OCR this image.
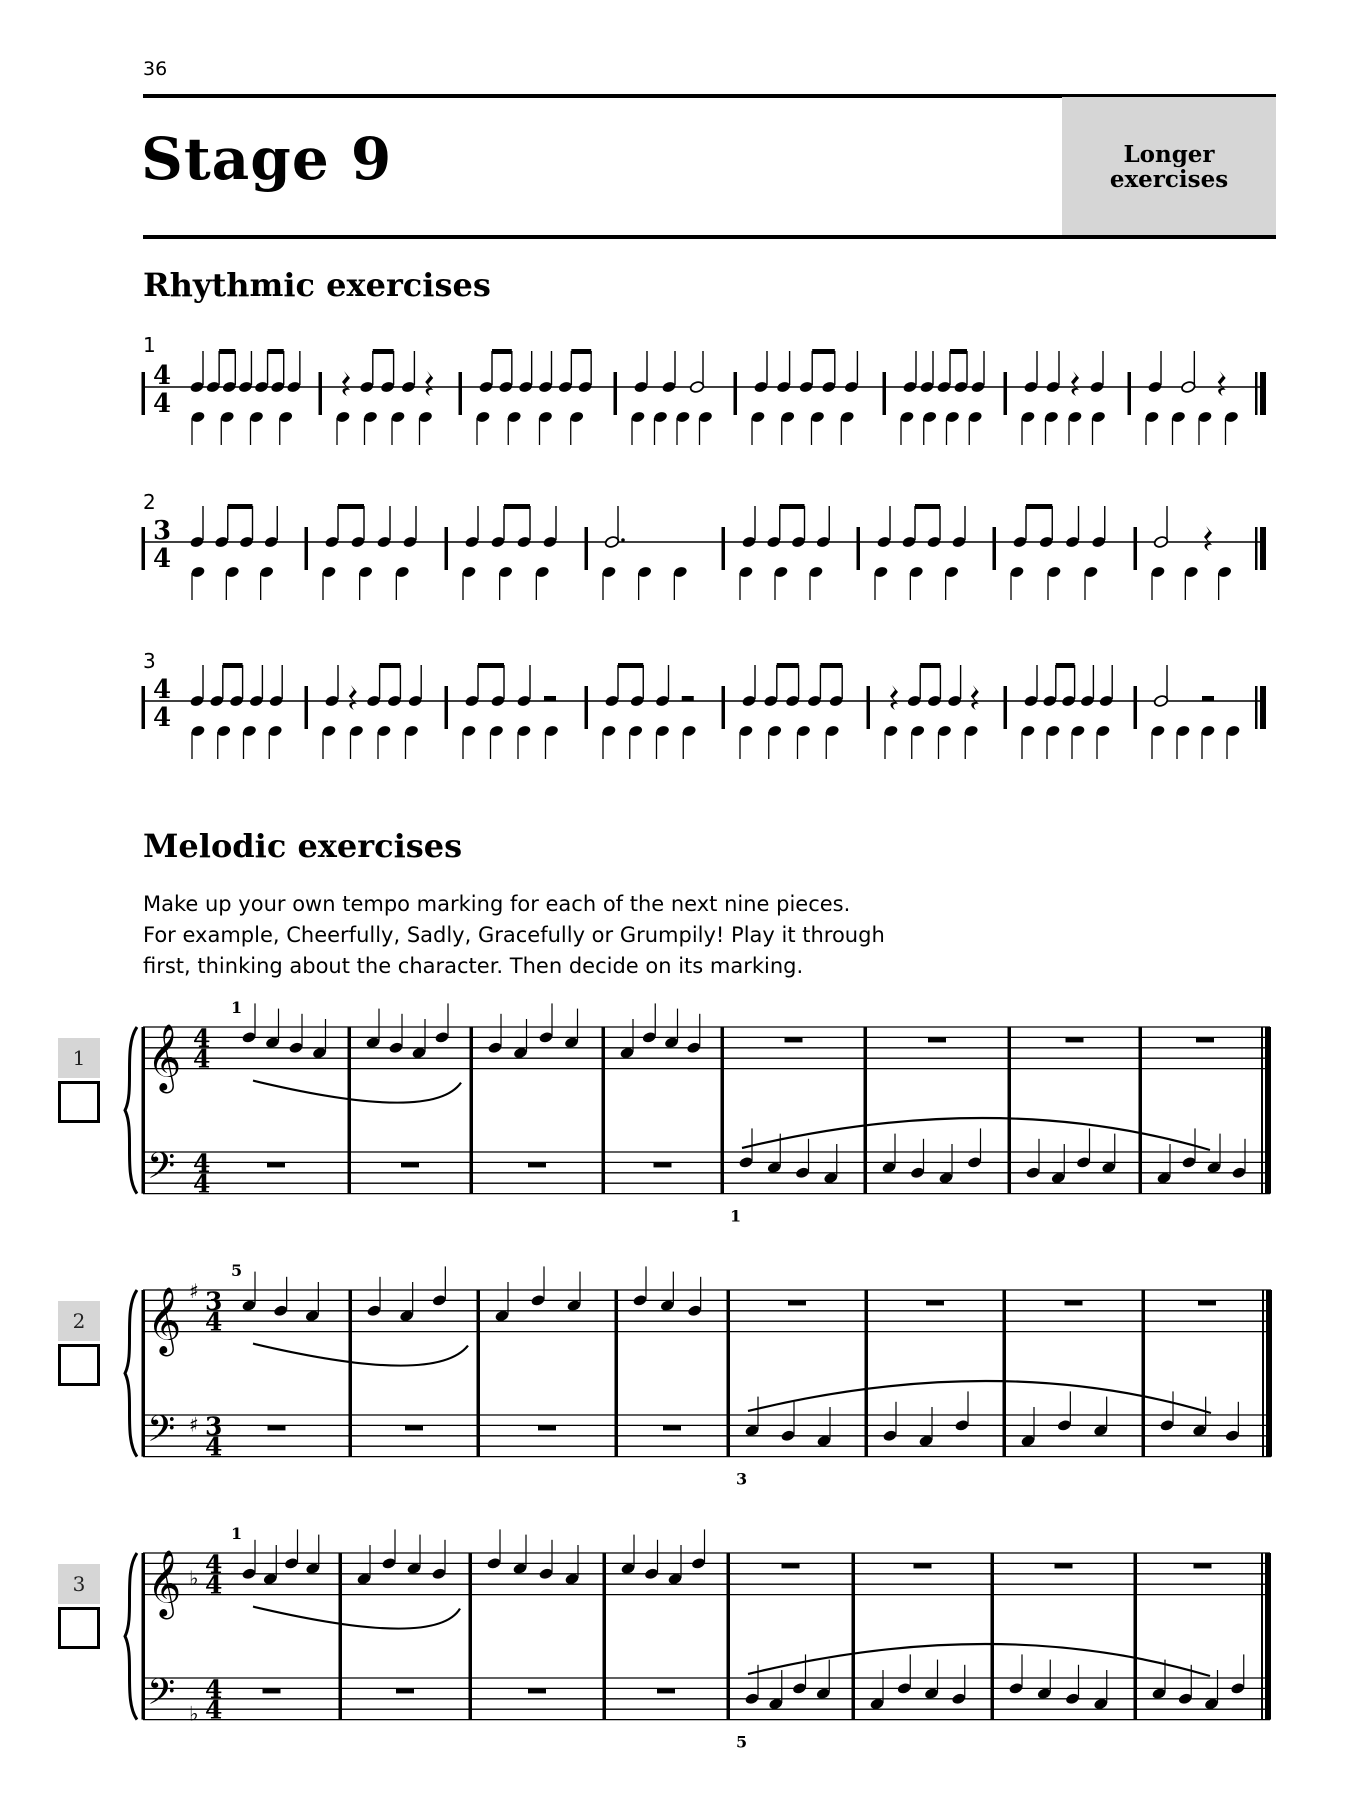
36
Stage 9	Longer
exercises
Rhythmic exercises
1
2
3
Melodic exercises
Make up your own tempo marking for each of the next nine pieces.
For example, Cheerfully, Sadly, Gracefully or Grumpily! Play it through
first, thinking about the character. Then decide on its marking.
1
2
3
4
4
3
4
4
4
𝄞
𝄢
4
4
4
4
1
1
𝄞
𝄢
♯
♯
3
4
3
4
5
3
𝄞
𝄢
♭
♭
4
4
4
4
1
5
